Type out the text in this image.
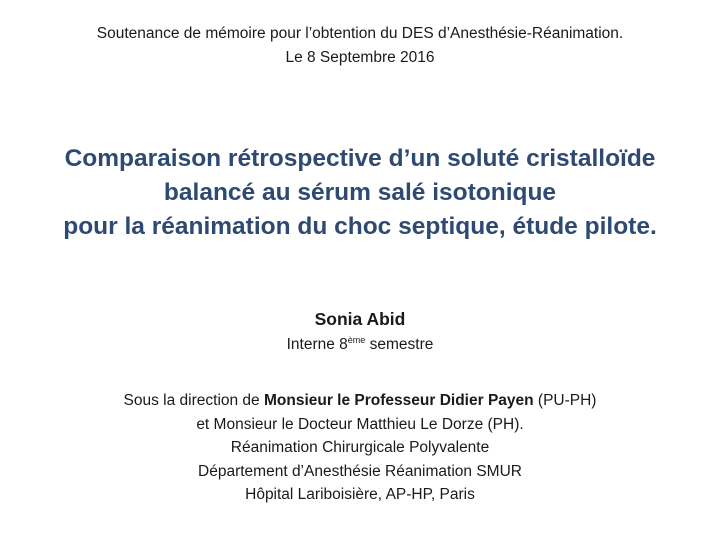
Soutenance de mémoire pour l’obtention du DES d’Anesthésie-Réanimation.
Le 8 Septembre 2016
Comparaison rétrospective d’un soluté cristalloïde
balancé au sérum salé isotonique
pour la réanimation du choc septique, étude pilote.
Sonia Abid
Interne 8ème semestre
Sous la direction de Monsieur le Professeur Didier Payen (PU-PH)
et Monsieur le Docteur Matthieu Le Dorze (PH).
Réanimation Chirurgicale Polyvalente
Département d’Anesthésie Réanimation SMUR
Hôpital Lariboisière, AP-HP, Paris
